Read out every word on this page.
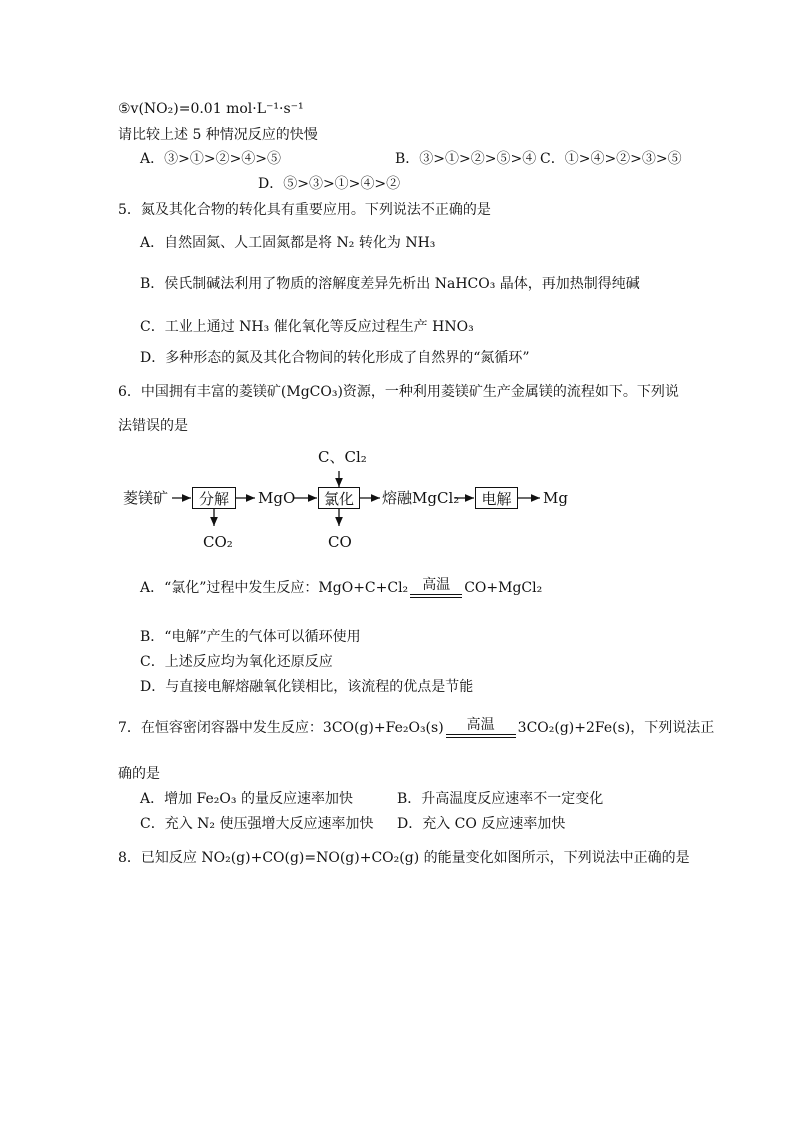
⑤v(NO₂)=0.01 mol·L⁻¹·s⁻¹
请比较上述 5 种情况反应的快慢
A．③>①>②>④>⑤	B．③>①>②>⑤>④ C．①>④>②>③>⑤
D．⑤>③>①>④>②
5．氮及其化合物的转化具有重要应用。下列说法不正确的是
A．自然固氮、人工固氮都是将 N₂ 转化为 NH₃
B．侯氏制碱法利用了物质的溶解度差异先析出 NaHCO₃ 晶体，再加热制得纯碱
C．工业上通过 NH₃ 催化氧化等反应过程生产 HNO₃
D．多种形态的氮及其化合物间的转化形成了自然界的“氮循环”
6．中国拥有丰富的菱镁矿(MgCO₃)资源，一种利用菱镁矿生产金属镁的流程如下。下列说
法错误的是
菱镁矿	分解	MgO	氯化
C、Cl₂
熔融MgCl₂	电解	Mg
CO₂	CO
A．“氯化”过程中发生反应：MgO+C+Cl₂	高温	CO+MgCl₂
B．“电解”产生的气体可以循环使用
C．上述反应均为氧化还原反应
D．与直接电解熔融氧化镁相比，该流程的优点是节能
7．在恒容密闭容器中发生反应：3CO(g)+Fe₂O₃(s)	高温	3CO₂(g)+2Fe(s)，下列说法正
确的是
A．增加 Fe₂O₃ 的量反应速率加快	B．升高温度反应速率不一定变化
C．充入 N₂ 使压强增大反应速率加快 D．充入 CO 反应速率加快
8．已知反应 NO₂(g)+CO(g)=NO(g)+CO₂(g) 的能量变化如图所示，下列说法中正确的是
